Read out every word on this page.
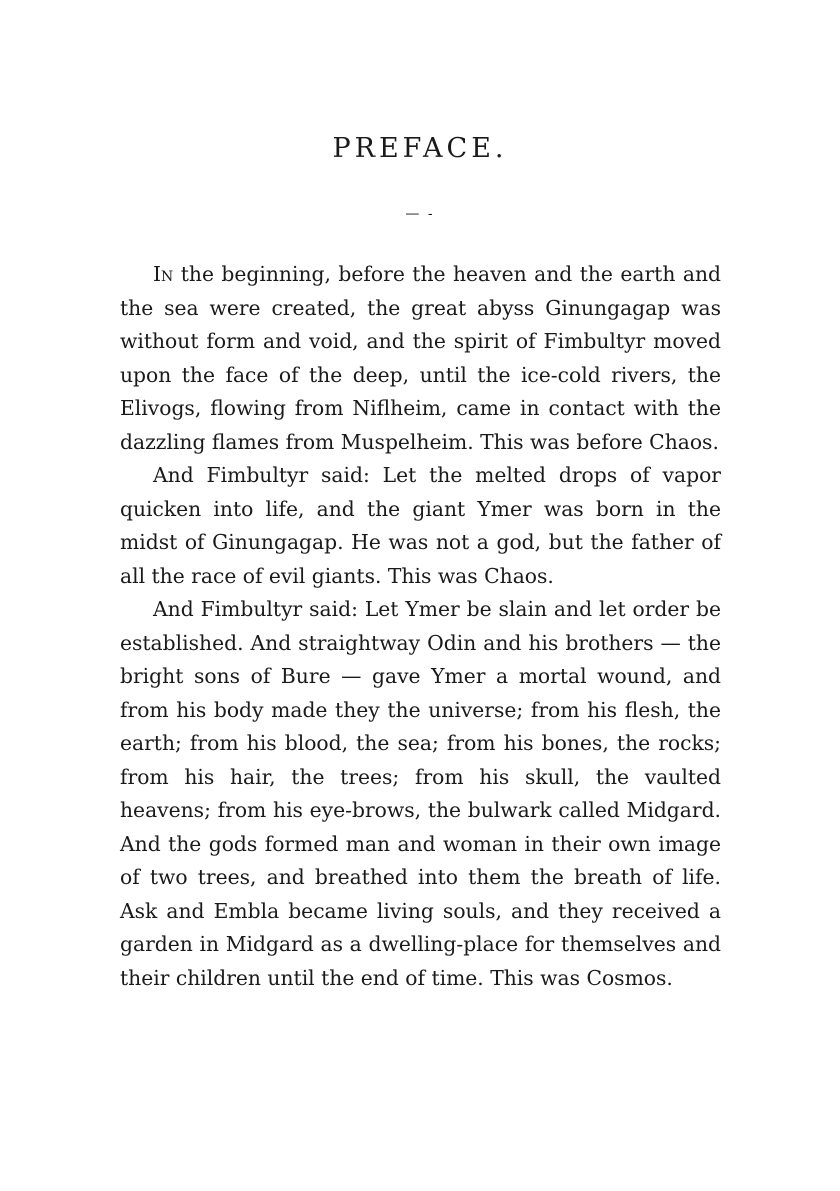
PREFACE.
— -

In the beginning, before the heaven and the earth and the sea were created, the great abyss Ginungagap was without form and void, and the spirit of Fimbultyr moved upon the face of the deep, until the ice-cold rivers, the Elivogs, flowing from Niflheim, came in contact with the dazzling flames from Muspelheim. This was before Chaos.

And Fimbultyr said: Let the melted drops of vapor quicken into life, and the giant Ymer was born in the midst of Ginungagap. He was not a god, but the father of all the race of evil giants. This was Chaos.

And Fimbultyr said: Let Ymer be slain and let order be established. And straightway Odin and his brothers — the bright sons of Bure — gave Ymer a mortal wound, and from his body made they the universe; from his flesh, the earth; from his blood, the sea; from his bones, the rocks; from his hair, the trees; from his skull, the vaulted heavens; from his eye-brows, the bulwark called Midgard. And the gods formed man and woman in their own image of two trees, and breathed into them the breath of life. Ask and Embla became living souls, and they received a garden in Midgard as a dwelling-place for themselves and their children until the end of time. This was Cosmos.
